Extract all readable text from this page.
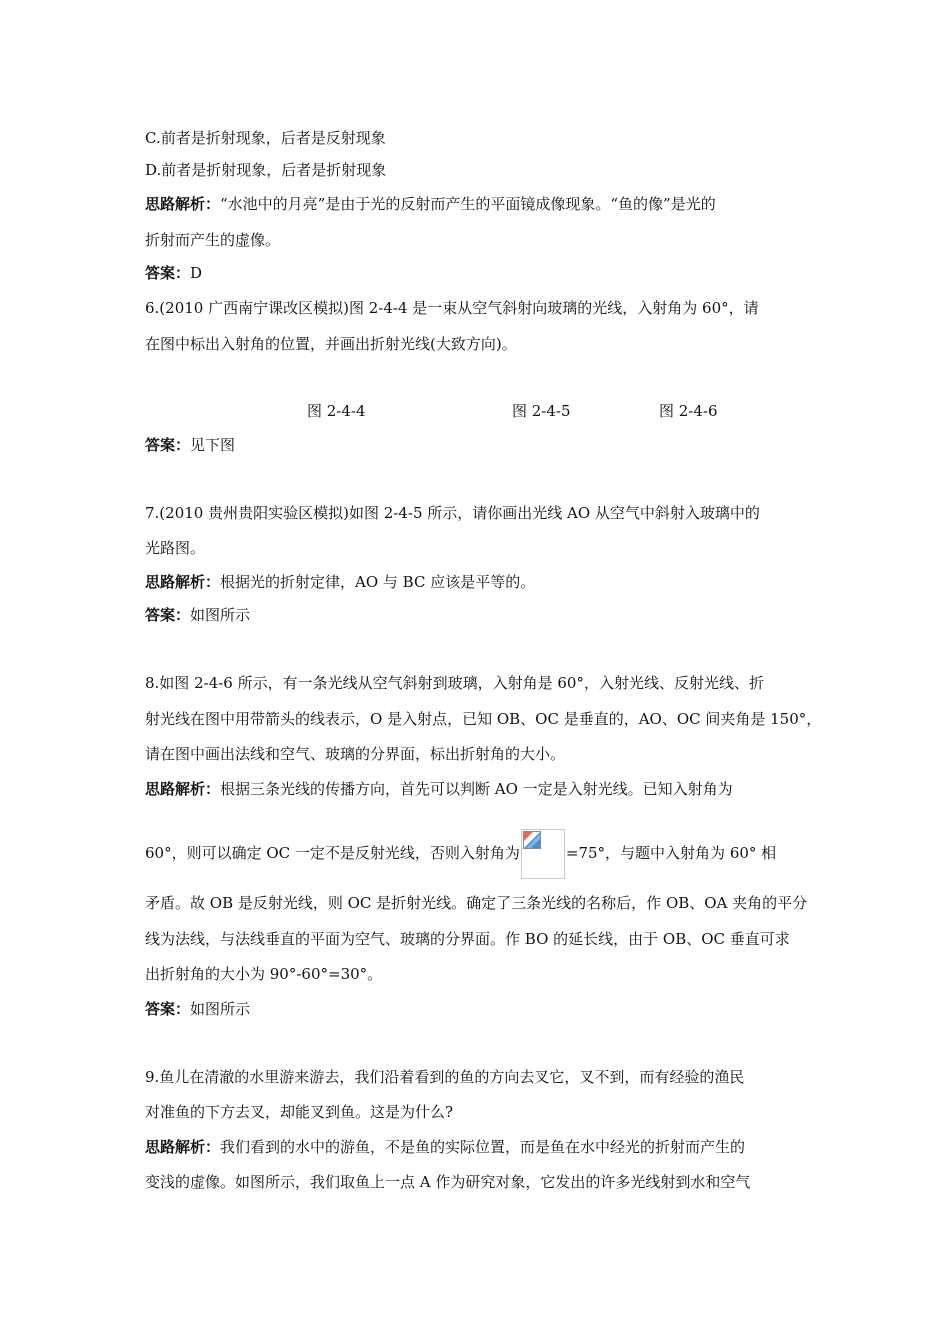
C.前者是折射现象，后者是反射现象
D.前者是折射现象，后者是折射现象
思路解析：“水池中的月亮”是由于光的反射而产生的平面镜成像现象。“鱼的像”是光的
折射而产生的虚像。
答案：D
6.(2010 广西南宁课改区模拟)图 2-4-4 是一束从空气斜射向玻璃的光线，入射角为 60°，请
在图中标出入射角的位置，并画出折射光线(大致方向)。
图 2-4-4	图 2-4-5	图 2-4-6
答案：见下图
7.(2010 贵州贵阳实验区模拟)如图 2-4-5 所示，请你画出光线 AO 从空气中斜射入玻璃中的
光路图。
思路解析：根据光的折射定律，AO 与 BC 应该是平等的。
答案：如图所示
8.如图 2-4-6 所示，有一条光线从空气斜射到玻璃，入射角是 60°，入射光线、反射光线、折
射光线在图中用带箭头的线表示，O 是入射点，已知 OB、OC 是垂直的，AO、OC 间夹角是 150°，
请在图中画出法线和空气、玻璃的分界面，标出折射角的大小。
思路解析：根据三条光线的传播方向，首先可以判断 AO 一定是入射光线。已知入射角为
60°，则可以确定 OC 一定不是反射光线，否则入射角为	=75°，与题中入射角为 60° 相
矛盾。故 OB 是反射光线，则 OC 是折射光线。确定了三条光线的名称后，作 OB、OA 夹角的平分
线为法线，与法线垂直的平面为空气、玻璃的分界面。作 BO 的延长线，由于 OB、OC 垂直可求
出折射角的大小为 90°-60°=30°。
答案：如图所示
9.鱼儿在清澈的水里游来游去，我们沿着看到的鱼的方向去叉它，叉不到，而有经验的渔民
对准鱼的下方去叉，却能叉到鱼。这是为什么?
思路解析：我们看到的水中的游鱼，不是鱼的实际位置，而是鱼在水中经光的折射而产生的
变浅的虚像。如图所示，我们取鱼上一点 A 作为研究对象，它发出的许多光线射到水和空气
